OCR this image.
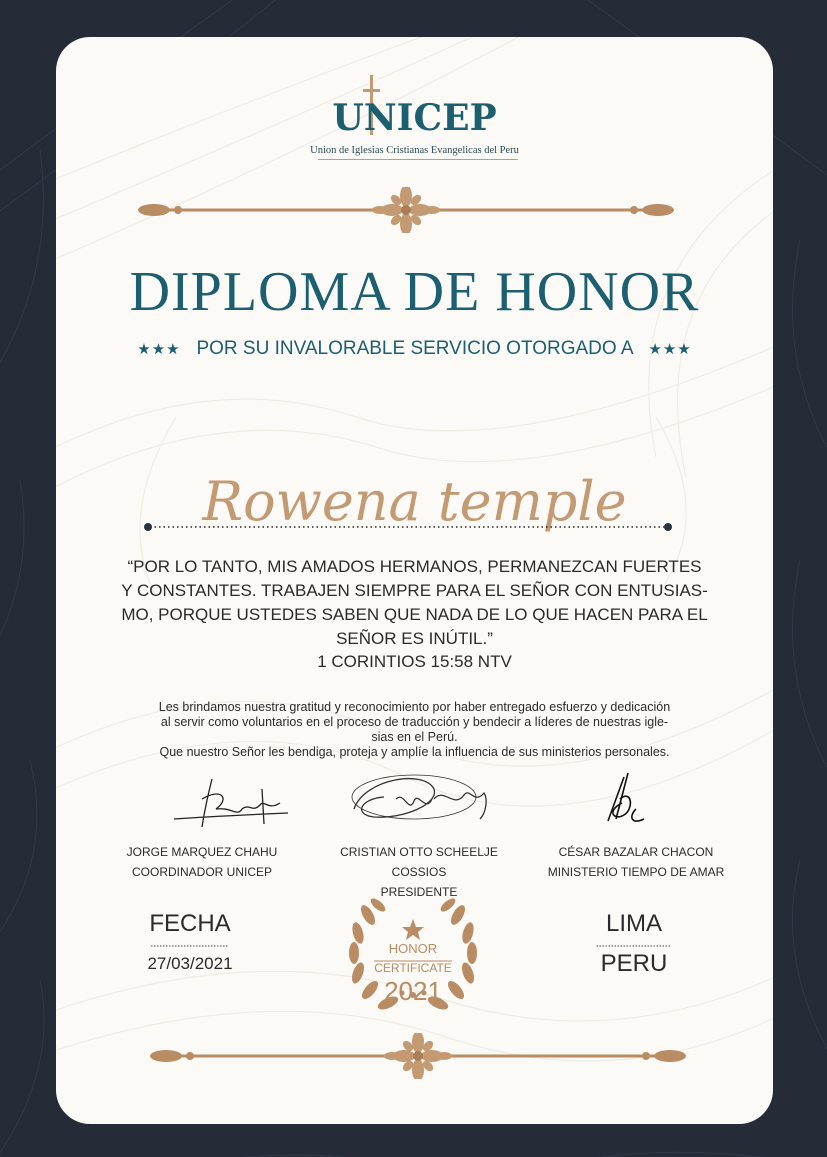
UNICEP
Union de Iglesias Cristianas Evangelicas del Peru
DIPLOMA DE HONOR
★★★ POR SU INVALORABLE SERVICIO OTORGADO A ★★★
Rowena temple
“POR LO TANTO, MIS AMADOS HERMANOS, PERMANEZCAN FUERTES
Y CONSTANTES. TRABAJEN SIEMPRE PARA EL SEÑOR CON ENTUSIAS-
MO, PORQUE USTEDES SABEN QUE NADA DE LO QUE HACEN PARA EL
SEÑOR ES INÚTIL.”
1 CORINTIOS 15:58 NTV
Les brindamos nuestra gratitud y reconocimiento por haber entregado esfuerzo y dedicación
al servir como voluntarios en el proceso de traducción y bendecir a líderes de nuestras igle-
sias en el Perú.
Que nuestro Señor les bendiga, proteja y amplíe la influencia de sus ministerios personales.
JORGE MARQUEZ CHAHU
COORDINADOR UNICEP
CRISTIAN OTTO SCHEELJE COSSIOS
PRESIDENTE
CÉSAR BAZALAR CHACON
MINISTERIO TIEMPO DE AMAR
FECHA
27/03/2021
LIMA
PERU
HONOR
CERTIFICATE
2021
